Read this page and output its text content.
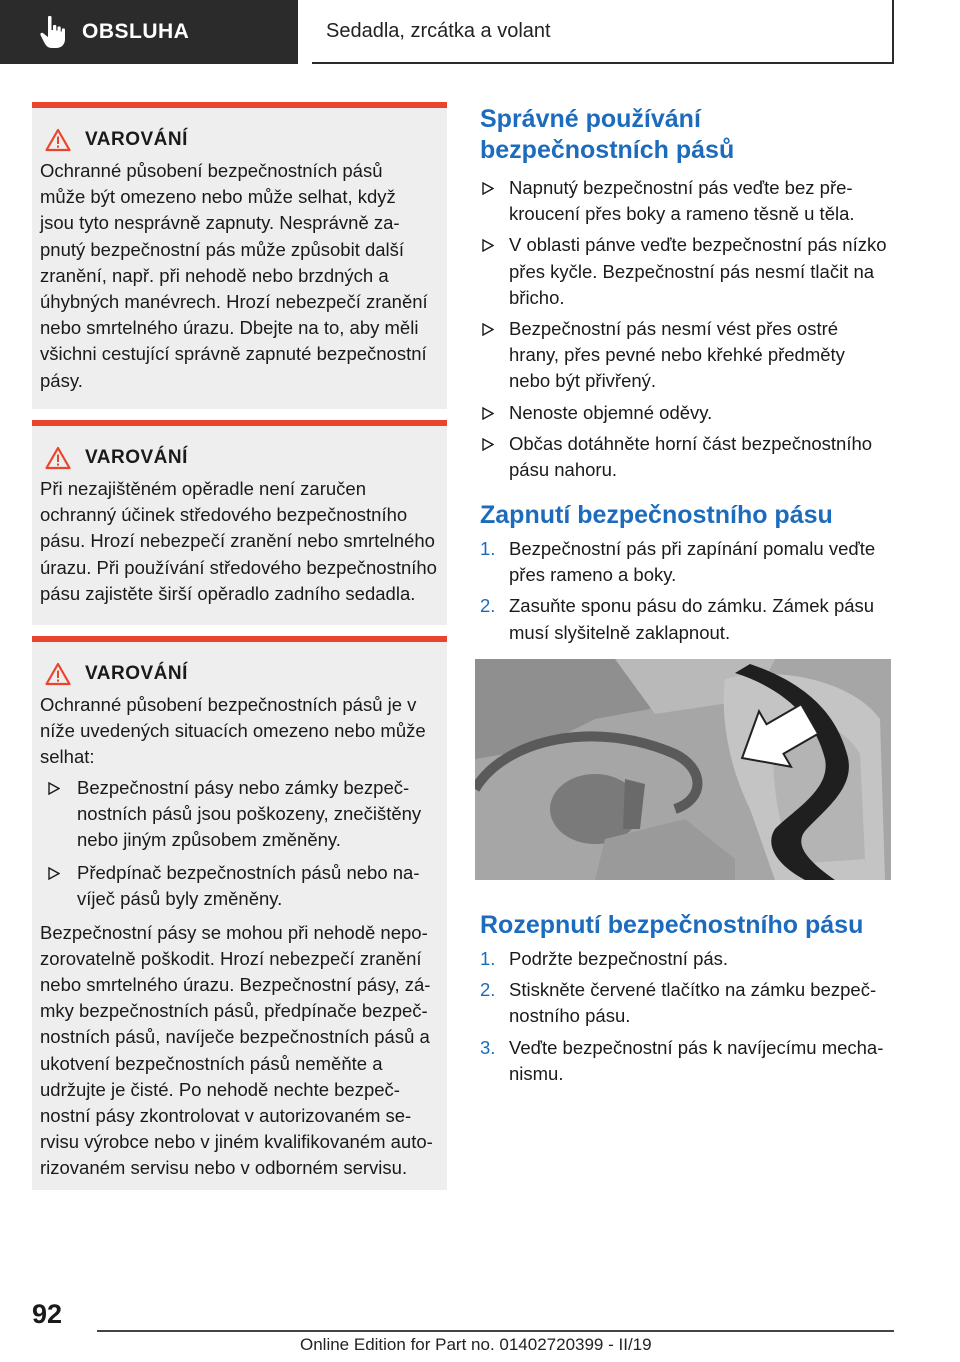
OBSLUHA	Sedadla, zrcátka a volant
VAROVÁNÍ

Ochranné působení bezpečnostních pásů
může být omezeno nebo může selhat, když
jsou tyto nesprávně zapnuty. Nesprávně za‐
pnutý bezpečnostní pás může způsobit další
zranění, např. při nehodě nebo brzdných a
úhybných manévrech. Hrozí nebezpečí zranění
nebo smrtelného úrazu. Dbejte na to, aby měli
všichni cestující správně zapnuté bezpečnostní
pásy.

VAROVÁNÍ

Při nezajištěném opěradle není zaručen
ochranný účinek středového bezpečnostního
pásu. Hrozí nebezpečí zranění nebo smrtelného
úrazu. Při používání středového bezpečnostního
pásu zajistěte širší opěradlo zadního sedadla.

VAROVÁNÍ

Ochranné působení bezpečnostních pásů je v
níže uvedených situacích omezeno nebo může
selhat:

Bezpečnostní pásy nebo zámky bezpeč‐
nostních pásů jsou poškozeny, znečištěny
nebo jiným způsobem změněny.
Předpínač bezpečnostních pásů nebo na‐
víječ pásů byly změněny.

Bezpečnostní pásy se mohou při nehodě nepo‐
zorovatelně poškodit. Hrozí nebezpečí zranění
nebo smrtelného úrazu. Bezpečnostní pásy, zá‐
mky bezpečnostních pásů, předpínače bezpeč‐
nostních pásů, navíječe bezpečnostních pásů a
ukotvení bezpečnostních pásů neměňte a
udržujte je čisté. Po nehodě nechte bezpeč‐
nostní pásy zkontrolovat v autorizovaném se‐
rvisu výrobce nebo v jiném kvalifikovaném auto‐
rizovaném servisu nebo v odborném servisu.

Správné používání
bezpečnostních pásů
Napnutý bezpečnostní pás veďte bez pře‐
kroucení přes boky a rameno těsně u těla.
V oblasti pánve veďte bezpečnostní pás nízko
přes kyčle. Bezpečnostní pás nesmí tlačit na
břicho.
Bezpečnostní pás nesmí vést přes ostré
hrany, přes pevné nebo křehké předměty
nebo být přivřený.
Nenoste objemné oděvy.
Občas dotáhněte horní část bezpečnostního
pásu nahoru.
Zapnutí bezpečnostního pásu
1. Bezpečnostní pás při zapínání pomalu veďte
přes rameno a boky.
2. Zasuňte sponu pásu do zámku. Zámek pásu
musí slyšitelně zaklapnout.
Rozepnutí bezpečnostního pásu
1. Podržte bezpečnostní pás.
2. Stiskněte červené tlačítko na zámku bezpeč‐
nostního pásu.
3. Veďte bezpečnostní pás k navíjecímu mecha‐
nismu.
92
Online Edition for Part no. 01402720399 - II/19
